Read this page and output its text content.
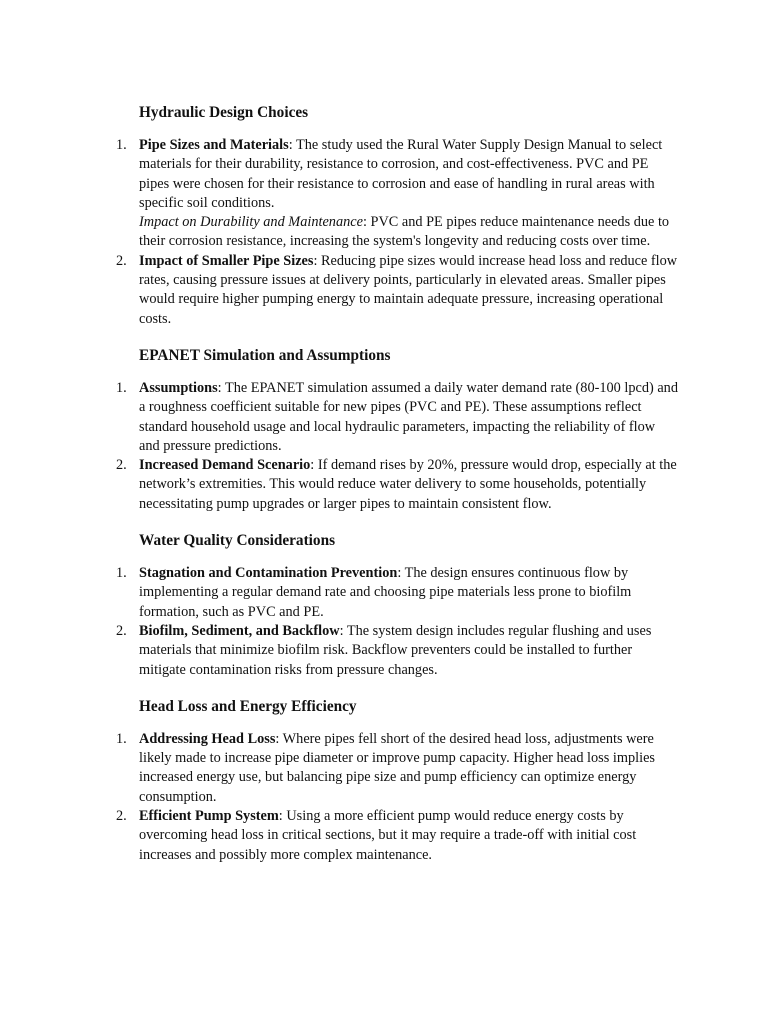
Hydraulic Design Choices
1. Pipe Sizes and Materials: The study used the Rural Water Supply Design Manual to select materials for their durability, resistance to corrosion, and cost-effectiveness. PVC and PE pipes were chosen for their resistance to corrosion and ease of handling in rural areas with specific soil conditions.
Impact on Durability and Maintenance: PVC and PE pipes reduce maintenance needs due to their corrosion resistance, increasing the system's longevity and reducing costs over time.
2. Impact of Smaller Pipe Sizes: Reducing pipe sizes would increase head loss and reduce flow rates, causing pressure issues at delivery points, particularly in elevated areas. Smaller pipes would require higher pumping energy to maintain adequate pressure, increasing operational costs.
EPANET Simulation and Assumptions
1. Assumptions: The EPANET simulation assumed a daily water demand rate (80-100 lpcd) and a roughness coefficient suitable for new pipes (PVC and PE). These assumptions reflect standard household usage and local hydraulic parameters, impacting the reliability of flow and pressure predictions.
2. Increased Demand Scenario: If demand rises by 20%, pressure would drop, especially at the network’s extremities. This would reduce water delivery to some households, potentially necessitating pump upgrades or larger pipes to maintain consistent flow.
Water Quality Considerations
1. Stagnation and Contamination Prevention: The design ensures continuous flow by implementing a regular demand rate and choosing pipe materials less prone to biofilm formation, such as PVC and PE.
2. Biofilm, Sediment, and Backflow: The system design includes regular flushing and uses materials that minimize biofilm risk. Backflow preventers could be installed to further mitigate contamination risks from pressure changes.
Head Loss and Energy Efficiency
1. Addressing Head Loss: Where pipes fell short of the desired head loss, adjustments were likely made to increase pipe diameter or improve pump capacity. Higher head loss implies increased energy use, but balancing pipe size and pump efficiency can optimize energy consumption.
2. Efficient Pump System: Using a more efficient pump would reduce energy costs by overcoming head loss in critical sections, but it may require a trade-off with initial cost increases and possibly more complex maintenance.
